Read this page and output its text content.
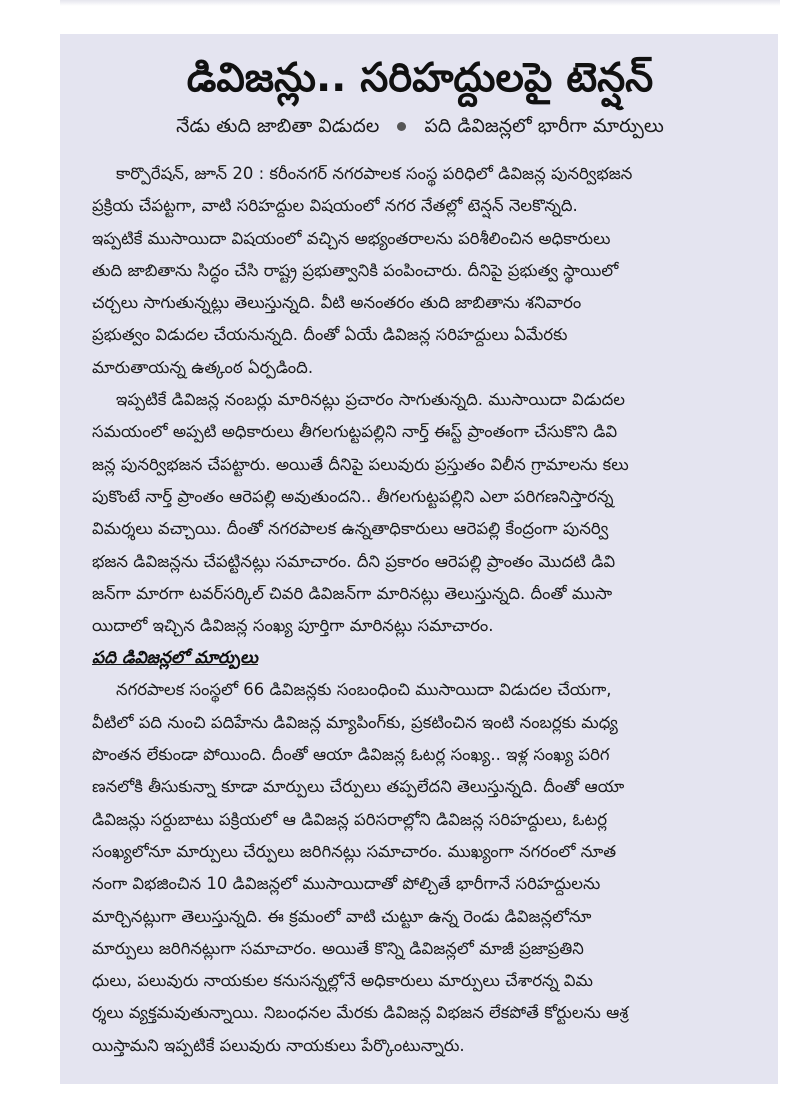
డివిజన్లు.. సరిహద్దులపై టెన్షన్
నేడు తుది జాబితా విడుదల పది డివిజన్లలో భారీగా మార్పులు
కార్పొరేషన్, జూన్ 20 : కరీంనగర్ నగరపాలక సంస్థ పరిధిలో డివిజన్ల పునర్విభజన
ప్రక్రియ చేపట్టగా, వాటి సరిహద్దుల విషయంలో నగర నేతల్లో టెన్షన్ నెలకొన్నది.
ఇప్పటికే ముసాయిదా విషయంలో వచ్చిన అభ్యంతరాలను పరిశీలించిన అధికారులు
తుది జాబితాను సిద్ధం చేసి రాష్ట్ర ప్రభుత్వానికి పంపించారు. దీనిపై ప్రభుత్వ స్థాయిలో
చర్చలు సాగుతున్నట్లు తెలుస్తున్నది. వీటి అనంతరం తుది జాబితాను శనివారం
ప్రభుత్వం విడుదల చేయనున్నది. దీంతో ఏయే డివిజన్ల సరిహద్దులు ఏమేరకు
మారుతాయన్న ఉత్కంఠ ఏర్పడింది.
ఇప్పటికే డివిజన్ల నంబర్లు మారినట్లు ప్రచారం సాగుతున్నది. ముసాయిదా విడుదల
సమయంలో అప్పటి అధికారులు తీగలగుట్టపల్లిని నార్త్ ఈస్ట్ ప్రాంతంగా చేసుకొని డివి
జన్ల పునర్విభజన చేపట్టారు. అయితే దీనిపై పలువురు ప్రస్తుతం విలీన గ్రామాలను కలు
పుకొంటే నార్త్ ప్రాంతం ఆరెపల్లి అవుతుందని.. తీగలగుట్టపల్లిని ఎలా పరిగణనిస్తారన్న
విమర్శలు వచ్చాయి. దీంతో నగరపాలక ఉన్నతాధికారులు ఆరెపల్లి కేంద్రంగా పునర్వి
భజన డివిజన్లను చేపట్టినట్లు సమాచారం. దీని ప్రకారం ఆరెపల్లి ప్రాంతం మొదటి డివి
జన్‌గా మారగా టవర్‌సర్కిల్ చివరి డివిజన్‌గా మారినట్లు తెలుస్తున్నది. దీంతో ముసా
యిదాలో ఇచ్చిన డివిజన్ల సంఖ్య పూర్తిగా మారినట్లు సమాచారం.
పది డివిజన్లలో మార్పులు
నగరపాలక సంస్థలో 66 డివిజన్లకు సంబంధించి ముసాయిదా విడుదల చేయగా,
వీటిలో పది నుంచి పదిహేను డివిజన్ల మ్యాపింగ్‌కు, ప్రకటించిన ఇంటి నంబర్లకు మధ్య
పొంతన లేకుండా పోయింది. దీంతో ఆయా డివిజన్ల ఓటర్ల సంఖ్య.. ఇళ్ల సంఖ్య పరిగ
ణనలోకి తీసుకున్నా కూడా మార్పులు చేర్పులు తప్పలేదని తెలుస్తున్నది. దీంతో ఆయా
డివిజన్లు సర్దుబాటు పక్రియలో ఆ డివిజన్ల పరిసరాల్లోని డివిజన్ల సరిహద్దులు, ఓటర్ల
సంఖ్యలోనూ మార్పులు చేర్పులు జరిగినట్లు సమాచారం. ముఖ్యంగా నగరంలో నూత
నంగా విభజించిన 10 డివిజన్లలో ముసాయిదాతో పోల్చితే భారీగానే సరిహద్దులను
మార్చినట్లుగా తెలుస్తున్నది. ఈ క్రమంలో వాటి చుట్టూ ఉన్న రెండు డివిజన్లలోనూ
మార్పులు జరిగినట్లుగా సమాచారం. అయితే కొన్ని డివిజన్లలో మాజీ ప్రజాప్రతిని
ధులు, పలువురు నాయకుల కనుసన్నల్లోనే అధికారులు మార్పులు చేశారన్న విమ
ర్శలు వ్యక్తమవుతున్నాయి. నిబంధనల మేరకు డివిజన్ల విభజన లేకపోతే కోర్టులను ఆశ్ర
యిస్తామని ఇప్పటికే పలువురు నాయకులు పేర్కొంటున్నారు.
